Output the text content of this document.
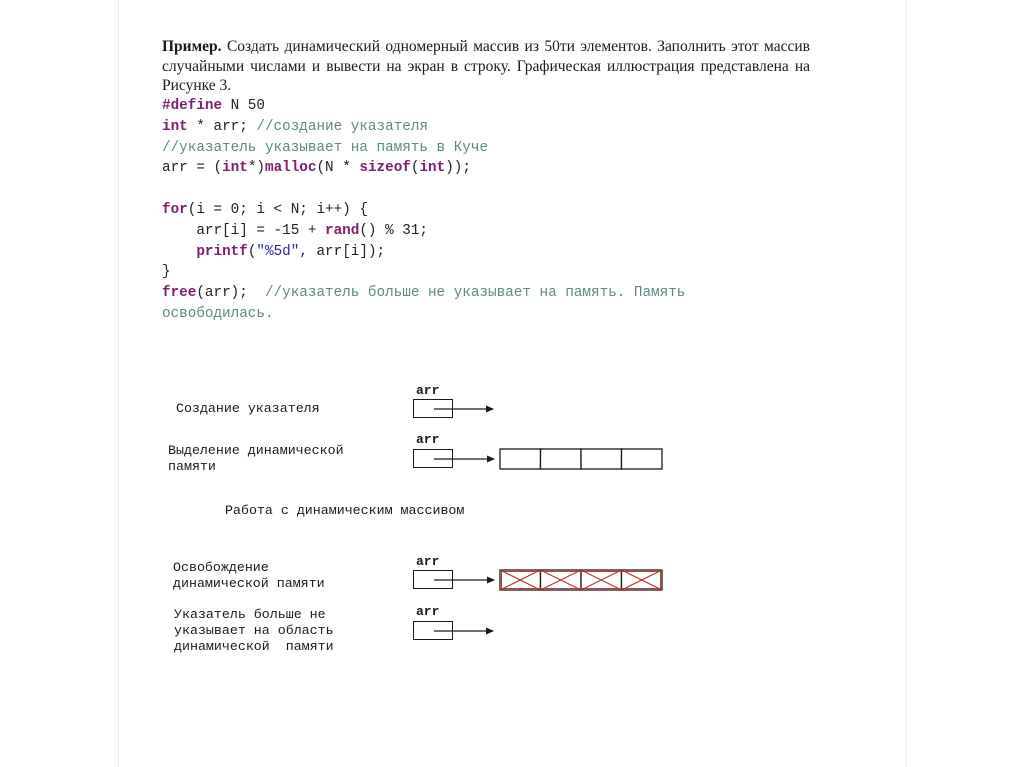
Пример. Создать динамический одномерный массив из 50ти элементов. Заполнить этот массив случайными числами и вывести на экран в строку. Графическая иллюстрация представлена на Рисунке 3.
#define N 50
int * arr; //создание указателя
//указатель указывает на память в Куче
arr = (int*)malloc(N * sizeof(int));
for(i = 0; i < N; i++) {
arr[i] = -15 + rand() % 31;
printf("%5d", arr[i]);
}
free(arr);  //указатель больше не указывает на память. Память
освободилась.
Создание указателя
arr
Выделение динамической
памяти
arr
Работа с динамическим массивом
Освобождение
динамической памяти
arr
Указатель больше не
указывает на область
динамической  памяти
arr
